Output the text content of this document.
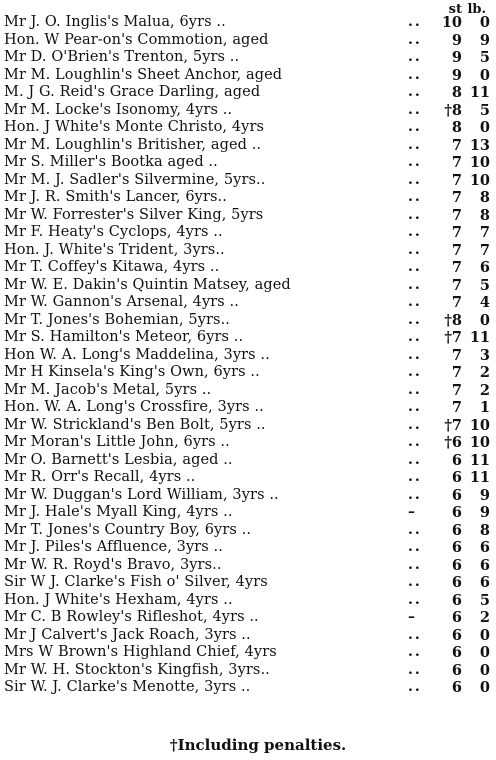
st lb.
Mr J. O. Inglis's Malua, 6yrs ..	..	10	0
Hon. W Pear-on's Commotion, aged	..	9	9
Mr D. O'Brien's Trenton, 5yrs ..	..	9	5
Mr M. Loughlin's Sheet Anchor, aged	..	9	0
M. J G. Reid's Grace Darling, aged	..	8 11
Mr M. Locke's Isonomy, 4yrs ..	..	†8	5
Hon. J White's Monte Christo, 4yrs	..	8	0
Mr M. Loughlin's Britisher, aged ..	..	7 13
Mr S. Miller's Bootka aged ..	..	7 10
Mr M. J. Sadler's Silvermine, 5yrs..	..	7 10
Mr J. R. Smith's Lancer, 6yrs..	..	7	8
Mr W. Forrester's Silver King, 5yrs	..	7	8
Mr F. Heaty's Cyclops, 4yrs ..	..	7	7
Hon. J. White's Trident, 3yrs..	..	7	7
Mr T. Coffey's Kitawa, 4yrs ..	..	7	6
Mr W. E. Dakin's Quintin Matsey, aged	..	7	5
Mr W. Gannon's Arsenal, 4yrs ..	..	7	4
Mr T. Jones's Bohemian, 5yrs..	..	†8	0
Mr S. Hamilton's Meteor, 6yrs ..	..	†7 11
Hon W. A. Long's Maddelina, 3yrs ..	..	7	3
Mr H Kinsela's King's Own, 6yrs ..	..	7	2
Mr M. Jacob's Metal, 5yrs ..	..	7	2
Hon. W. A. Long's Crossfire, 3yrs ..	..	7	1
Mr W. Strickland's Ben Bolt, 5yrs ..	..	†7 10
Mr Moran's Little John, 6yrs ..	..	†6 10
Mr O. Barnett's Lesbia, aged ..	..	6 11
Mr R. Orr's Recall, 4yrs ..	..	6 11
Mr W. Duggan's Lord William, 3yrs ..	..	6	9
Mr J. Hale's Myall King, 4yrs ..	–	6	9
Mr T. Jones's Country Boy, 6yrs ..	..	6	8
Mr J. Piles's Affluence, 3yrs ..	..	6	6
Mr W. R. Royd's Bravo, 3yrs..	..	6	6
Sir W J. Clarke's Fish o' Silver, 4yrs	..	6	6
Hon. J White's Hexham, 4yrs ..	..	6	5
Mr C. B Rowley's Rifleshot, 4yrs ..	–	6	2
Mr J Calvert's Jack Roach, 3yrs ..	..	6	0
Mrs W Brown's Highland Chief, 4yrs	..	6	0
Mr W. H. Stockton's Kingfish, 3yrs..	..	6	0
Sir W. J. Clarke's Menotte, 3yrs ..	..	6	0
†Including penalties.
